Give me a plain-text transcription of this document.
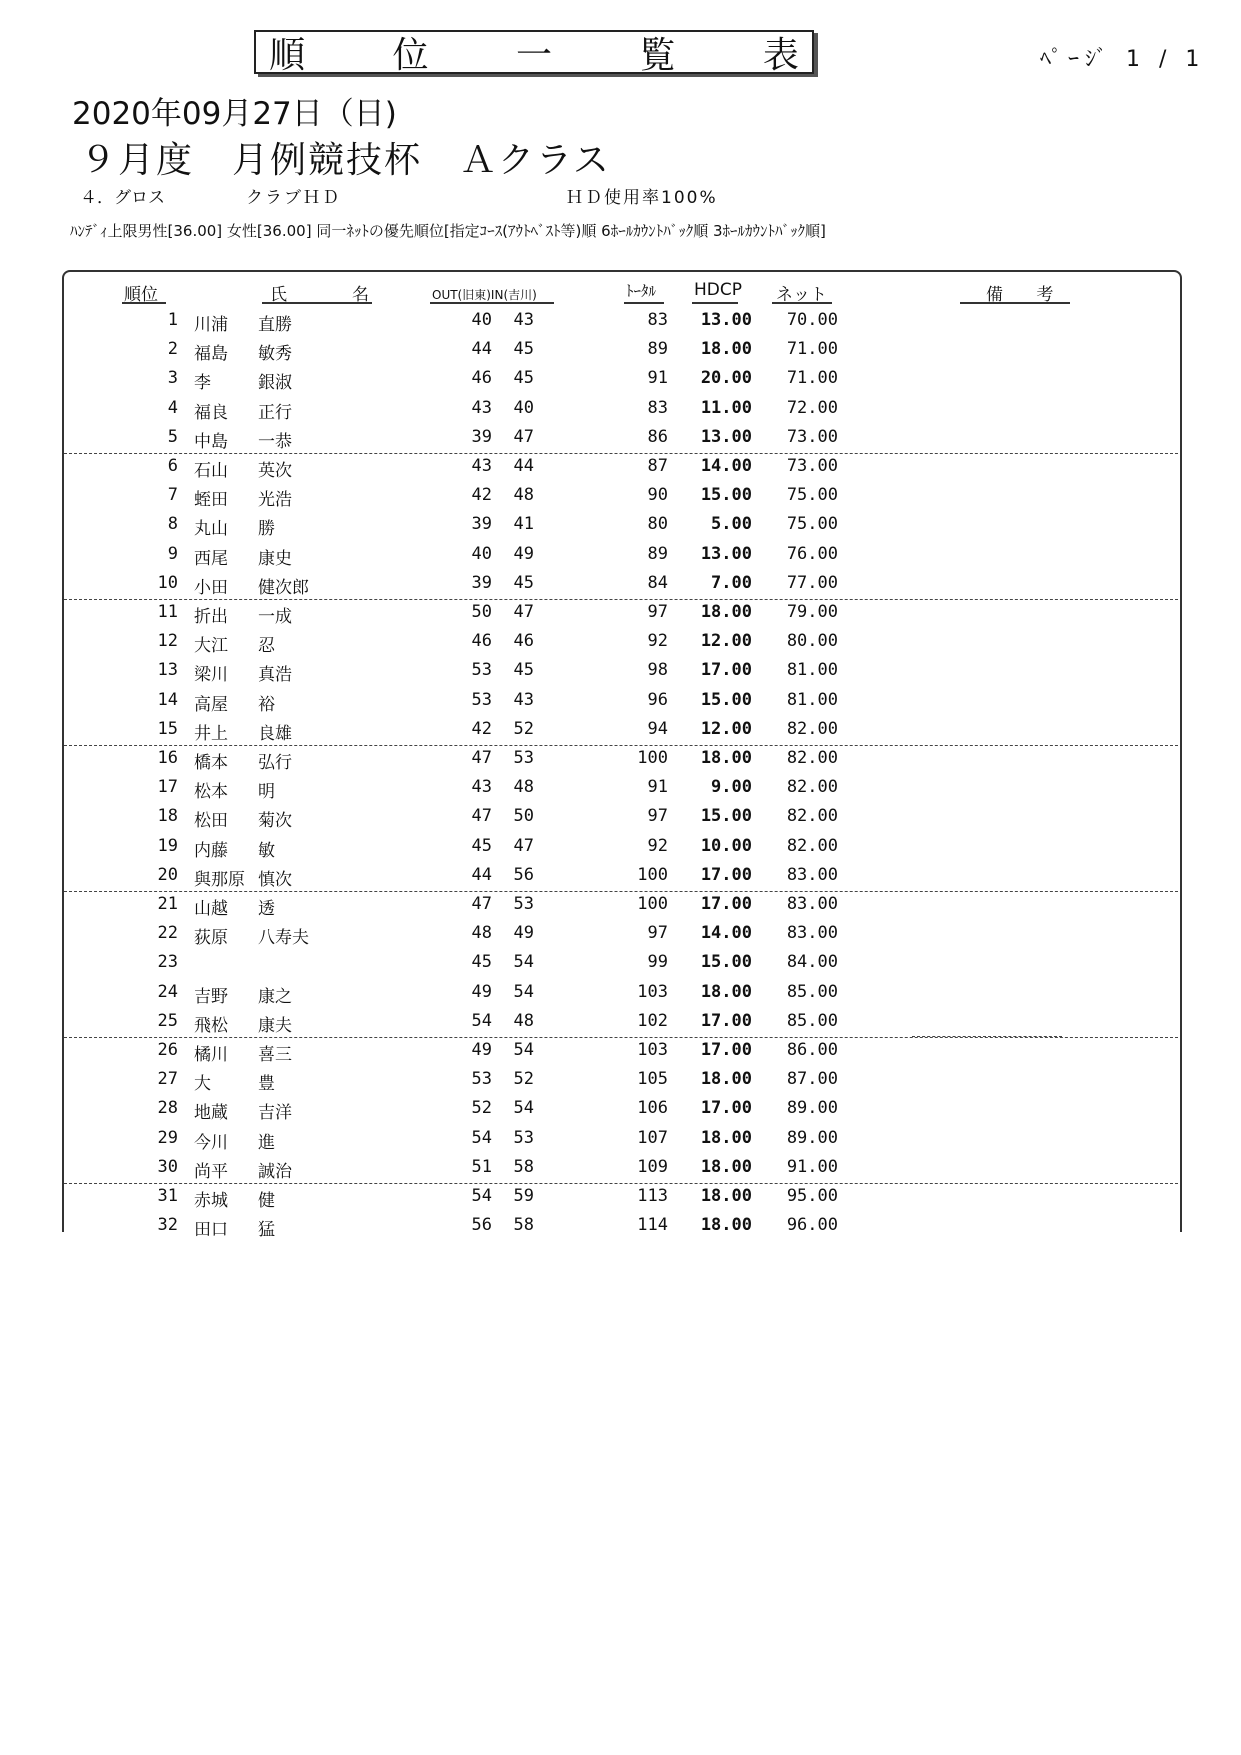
順 位 一 覧 表	ﾍﾟｰｼﾞ 1 / 1
2020年09月27日（日)
９月度　月例競技杯　Ａクラス
４．グロス	クラブＨＤ	ＨＤ使用率100%
ﾊﾝﾃﾞｨ上限男性[36.00] 女性[36.00] 同一ﾈｯﾄの優先順位[指定ｺｰｽ(ｱｳﾄﾍﾞｽﾄ等)順 6ﾎｰﾙｶｳﾝﾄﾊﾞｯｸ順 3ﾎｰﾙｶｳﾝﾄﾊﾞｯｸ順]
順位	氏	名	OUT(旧東)IN(吉川)	ﾄｰﾀﾙ HDCP ネット	備 考
1 川浦 直勝	40	43	83	13.00	70.00
2 福島 敏秀	44	45	89	18.00	71.00
3 李	銀淑	46	45	91	20.00	71.00
4 福良 正行	43	40	83	11.00	72.00
5 中島 一恭	39	47	86	13.00	73.00
6 石山 英次	43	44	87	14.00	73.00
7 蛭田 光浩	42	48	90	15.00	75.00
8 丸山 勝	39	41	80	5.00	75.00
9 西尾 康史	40	49	89	13.00	76.00
10 小田 健次郎	39	45	84	7.00	77.00
11 折出 一成	50	47	97	18.00	79.00
12 大江 忍	46	46	92	12.00	80.00
13 梁川 真浩	53	45	98	17.00	81.00
14 高屋 裕	53	43	96	15.00	81.00
15 井上 良雄	42	52	94	12.00	82.00
16 橋本 弘行	47	53	100	18.00	82.00
17 松本 明	43	48	91	9.00	82.00
18 松田 菊次	47	50	97	15.00	82.00
19 内藤 敏	45	47	92	10.00	82.00
20 與那原 慎次	44	56	100	17.00	83.00
21 山越 透	47	53	100	17.00	83.00
22 荻原 八寿夫	48	49	97	14.00	83.00
23	45	54	99	15.00	84.00
24 吉野 康之	49	54	103	18.00	85.00
25 飛松 康夫	54	48	102	17.00	85.00
26 橘川 喜三	49	54	103	17.00	86.00
27 大	豊	53	52	105	18.00	87.00
28 地蔵 吉洋	52	54	106	17.00	89.00
29 今川 進	54	53	107	18.00	89.00
30 尚平 誠治	51	58	109	18.00	91.00
31 赤城 健	54	59	113	18.00	95.00
32 田口 猛	56	58	114	18.00	96.00
